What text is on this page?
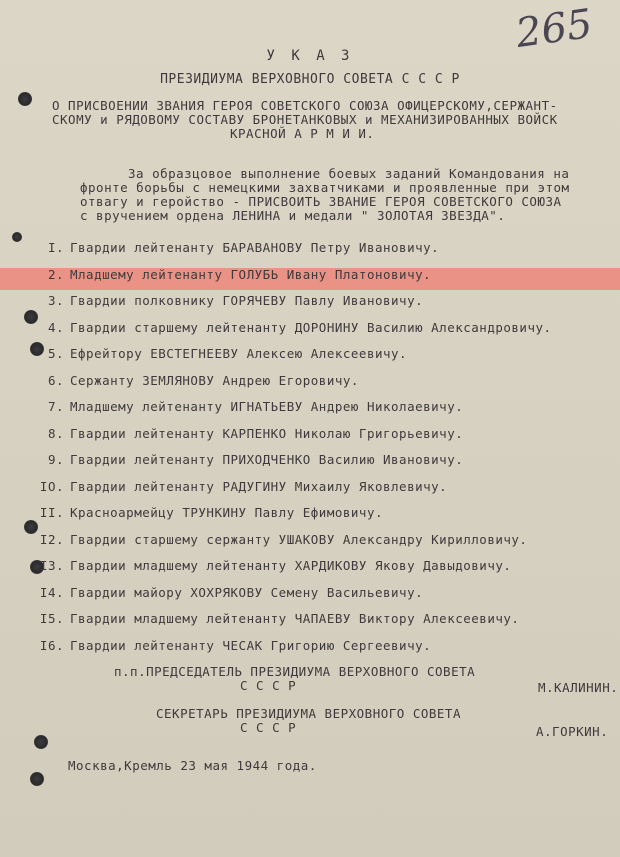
265
У К А З
ПРЕЗИДИУМА ВЕРХОВНОГО СОВЕТА С С С Р
О ПРИСВОЕНИИ ЗВАНИЯ ГЕРОЯ СОВЕТСКОГО СОЮЗА ОФИЦЕРСКОМУ,СЕРЖАНТ-
СКОМУ и РЯДОВОМУ СОСТАВУ БРОНЕТАНКОВЫХ и МЕХАНИЗИРОВАННЫХ ВОЙСК
КРАСНОЙ А Р М И И.
За образцовое выполнение боевых заданий Командования на
фронте борьбы с немецкими захватчиками и проявленные при этом
отвагу и геройство - ПРИСВОИТЬ ЗВАНИЕ ГЕРОЯ СОВЕТСКОГО СОЮЗА
с вручением ордена ЛЕНИНА и медали " ЗОЛОТАЯ ЗВЕЗДА".
I. Гвардии лейтенанту БАРАВАНОВУ Петру Ивановичу.
2. Младшему лейтенанту ГОЛУБЬ Ивану Платоновичу.
3. Гвардии полковнику ГОРЯЧЕВУ Павлу Ивановичу.
4. Гвардии старшему лейтенанту ДОРОНИНУ Василию Александровичу.
5. Ефрейтору ЕВСТЕГНЕЕВУ Алексею Алексеевичу.
6. Сержанту ЗЕМЛЯНОВУ Андрею Егоровичу.
7. Младшему лейтенанту ИГНАТЬЕВУ Андрею Николаевичу.
8. Гвардии лейтенанту КАРПЕНКО Николаю Григорьевичу.
9. Гвардии лейтенанту ПРИХОДЧЕНКО Василию Ивановичу.
IO. Гвардии лейтенанту РАДУГИНУ Михаилу Яковлевичу.
II. Красноармейцу ТРУНКИНУ Павлу Ефимовичу.
I2. Гвардии старшему сержанту УШАКОВУ Александру Кирилловичу.
I3. Гвардии младшему лейтенанту ХАРДИКОВУ Якову Давыдовичу.
I4. Гвардии майору ХОХРЯКОВУ Семену Васильевичу.
I5. Гвардии младшему лейтенанту ЧАПАЕВУ Виктору Алексеевичу.
I6. Гвардии лейтенанту ЧЕСАК Григорию Сергеевичу.
п.п.ПРЕДСЕДАТЕЛЬ ПРЕЗИДИУМА ВЕРХОВНОГО СОВЕТА
С С С Р	М.КАЛИНИН.
СЕКРЕТАРЬ ПРЕЗИДИУМА ВЕРХОВНОГО СОВЕТА
С С С Р	А.ГОРКИН.
Москва,Кремль 23 мая 1944 года.
